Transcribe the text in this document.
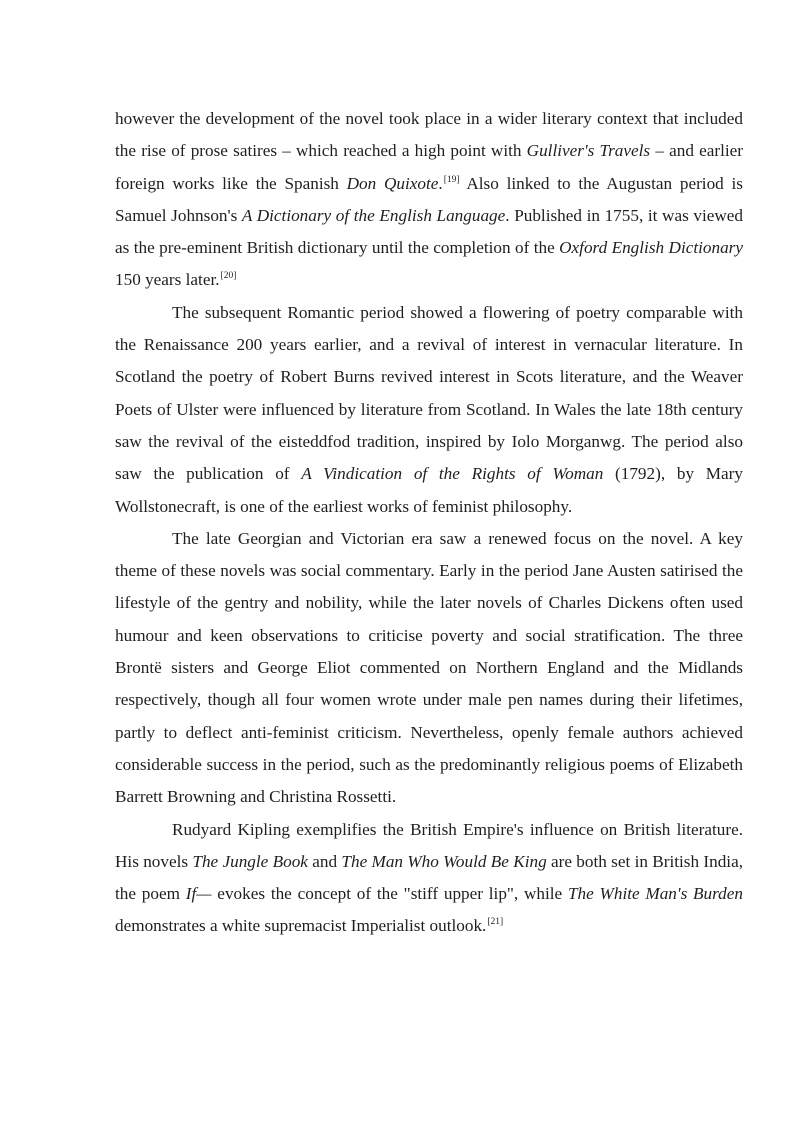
however the development of the novel took place in a wider literary context that included the rise of prose satires – which reached a high point with Gulliver's Travels – and earlier foreign works like the Spanish Don Quixote.[19] Also linked to the Augustan period is Samuel Johnson's A Dictionary of the English Language. Published in 1755, it was viewed as the pre-eminent British dictionary until the completion of the Oxford English Dictionary 150 years later.[20]

The subsequent Romantic period showed a flowering of poetry comparable with the Renaissance 200 years earlier, and a revival of interest in vernacular literature. In Scotland the poetry of Robert Burns revived interest in Scots literature, and the Weaver Poets of Ulster were influenced by literature from Scotland. In Wales the late 18th century saw the revival of the eisteddfod tradition, inspired by Iolo Morganwg. The period also saw the publication of A Vindication of the Rights of Woman (1792), by Mary Wollstonecraft, is one of the earliest works of feminist philosophy.

The late Georgian and Victorian era saw a renewed focus on the novel. A key theme of these novels was social commentary. Early in the period Jane Austen satirised the lifestyle of the gentry and nobility, while the later novels of Charles Dickens often used humour and keen observations to criticise poverty and social stratification. The three Brontë sisters and George Eliot commented on Northern England and the Midlands respectively, though all four women wrote under male pen names during their lifetimes, partly to deflect anti-feminist criticism. Nevertheless, openly female authors achieved considerable success in the period, such as the predominantly religious poems of Elizabeth Barrett Browning and Christina Rossetti.

Rudyard Kipling exemplifies the British Empire's influence on British literature. His novels The Jungle Book and The Man Who Would Be King are both set in British India, the poem If— evokes the concept of the "stiff upper lip", while The White Man's Burden demonstrates a white supremacist Imperialist outlook.[21]
